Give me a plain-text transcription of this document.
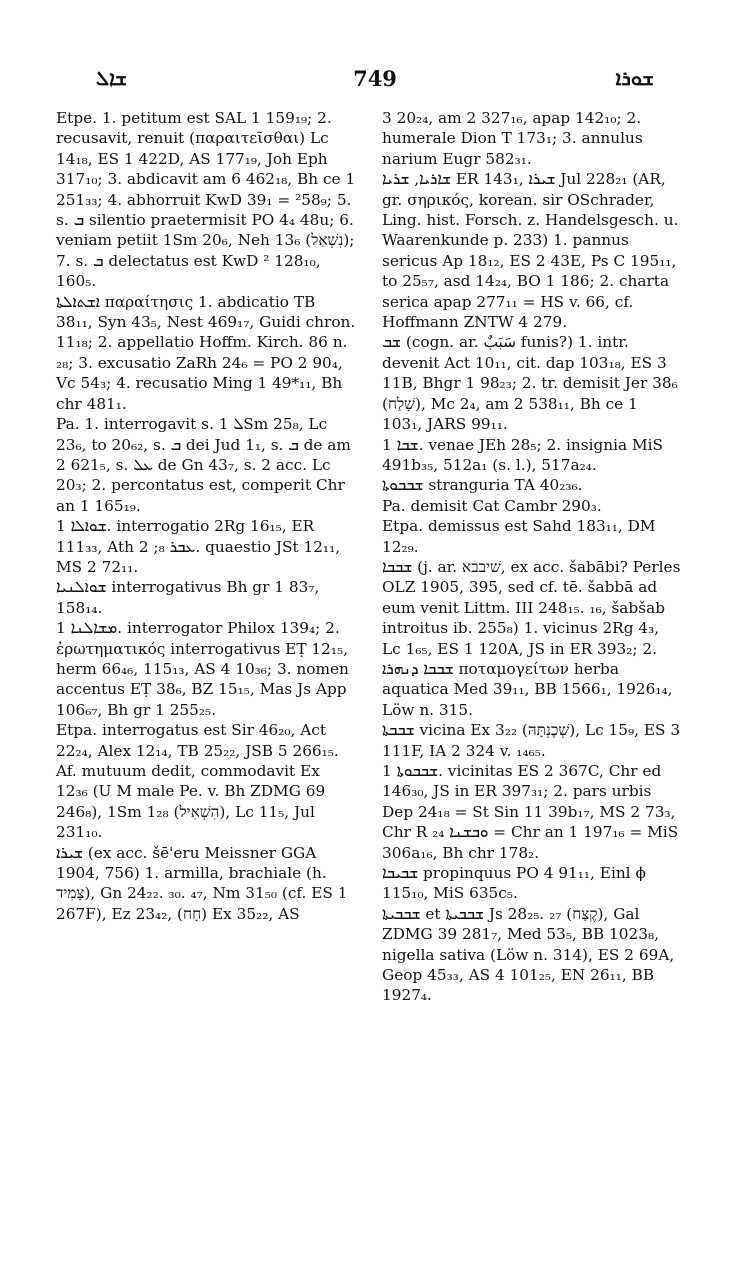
ܫܐܠ	749	ܫܘܪܐ

Etpe. 1. petitum est SAL 1 159₁₉; 2. recusavit, renuit (παραιτεῖσθαι) Lc 14₁₈, ES 1 422D, AS 177₁₉, Joh Eph 317₁₀; 3. abdicavit am 6 462₁₈, Bh ce 1 251₃₃; 4. abhorruit KwD 39₁ = ²58₉; 5. s. ܒ silentio praetermisit PO 4₄ 48u; 6. veniam petiit 1Sm 20₆, Neh 13₆ (נִשְׁאַל); 7. s. ܒ delectatus est KwD ² 128₁₀, 160₅.

ܐܫܬܐܠܬܐ παραίτησις 1. abdicatio TB 38₁₁, Syn 43₅, Nest 469₁₇, Guidi chron. 11₁₈; 2. appellatio Hoffm. Kirch. 86 n. ₂₈; 3. excusatio ZaRh 24₆ = PO 2 90₄, Vc 54₃; 4. recusatio Ming 1 49*₁₁, Bh chr 481₁.

Pa. 1. interrogavit s. ܠ 1Sm 25₈, Lc 23₆, to 20₆₂, s. ܒ dei Jud 1₁, s. ܒ de am 2 621₅, s. ܥܠ de Gn 43₇, s. 2 acc. Lc 20₃; 2. percontatus est, comperit Chr an 1 165₁₉.

ܫܘܐܠܐ 1. interrogatio 2Rg 16₁₅, ER 111₃₃, Ath ܥܒܪ ₈; 2. quaestio JSt 12₁₁, MS 2 72₁₁.

ܫܘܐܠܢܝܐ interrogativus Bh gr 1 83₇, 158₁₄.

ܡܫܐܠܢܐ 1. interrogator Philox 139₄; 2. ἐρωτηματικός interrogativus EṬ 12₁₅, herm 66₄₆, 115₁₃, AS 4 10₃₆; 3. nomen accentus EṬ 38₆, BZ 15₁₅, Mas Js App 106₆₇, Bh gr 1 255₂₅.

Etpa. interrogatus est Sir 46₂₀, Act 22₂₄, Alex 12₁₄, TB 25₂₂, JSB 5 266₁₅.

Af. mutuum dedit, commodavit Ex 12₃₆ (U M male Pe. v. Bh ZDMG 69 246₈), 1Sm 1₂₈ (הִשְׁאִיל), Lc 11₅, Jul 231₁₀.

ܫܝܪܐ (ex acc. šēꞌeru Meissner GGA 1904, 756) 1. armilla, brachiale (h. צָמִיד), Gn 24₂₂. ₃₀. ₄₇, Nm 31₅₀ (cf. ES 1 267F), Ez 23₄₂, (חָח) Ex 35₂₂, AS

3 20₂₄, am 2 327₁₆, apap 142₁₀; 2. humerale Dion T 173₁; 3. annulus narium Eugr 582₃₁.

ܫܐܪܝܐ, ܫܪܝܐ ER 143₁, ܫܝܪܐ Jul 228₂₁ (AR, gr. σηρικός, korean. sir OSchrader, Ling. hist. Forsch. z. Handelsgesch. u. Waarenkunde p. 233) 1. pannus sericus Ap 18₁₂, ES 2 43E, Ps C 195₁₁, to 25₅₇, asd 14₂₄, BO 1 186; 2. charta serica apap 277₁₁ = HS v. 66, cf. Hoffmann ZNTW 4 279.

ܫܒ (cogn. ar. سَبَبٌ funis?) 1. intr. devenit Act 10₁₁, cit. dap 103₁₈, ES 3 11B, Bhgr 1 98₂₃; 2. tr. demisit Jer 38₆ (שָׁלַח), Mc 2₄, am 2 538₁₁, Bh ce 1 103₁, JARS 99₁₁.

ܫܒܐ 1. venae JEh 28₅; 2. insignia MiS 491b₃₅, 512a₁ (s. l.), 517a₂₄.

ܫܒܒܘܬܐ stranguria TA 40₂₃₆.

Pa. demisit Cat Cambr 290₃.

Etpa. demissus est Sahd 183₁₁, DM 12₂₉.

ܫܒܒܐ (j. ar. שׁיבבא, ex acc. šabābi? Perles OLZ 1905, 395, sed cf. tē. šabbā ad eum venit Littm. III 248₁₅. ₁₆, šabšab introitus ib. 255₈) 1. vicinus 2Rg 4₃, Lc 1₆₅, ES 1 120A, JS in ER 393₂; 2. ܫܒܒܐ ܕܢܗܪܐ ποταμογείτων herba aquatica Med 39₁₁, BB 1566₁, 1926₁₄, Löw n. 315.

ܫܒܒܬܐ vicina Ex 3₂₂ (שְׁכֶנְתָּהּ), Lc 15₉, ES 3 111F, IA 2 324 v. ₁₄₆₅.

ܫܒܒܘܬܐ 1. vicinitas ES 2 367C, Chr ed 146₃₀, JS in ER 397₃₁; 2. pars urbis Dep 24₁₈ = St Sin 11 39b₁₇, MS 2 73₃, Chr R ܘܒܫܢܐ ₂₄ = Chr an 1 197₁₆ = MiS 306a₁₆, Bh chr 178₂.

ܫܒܝܒܐ propinquus PO 4 91₁₁, Einl ϕ 115₁₀, MiS 635c₅.

ܫܒܒܝܬܐ et ܫܒܒܝܬܐ Js 28₂₅. ₂₇ (קֶצַח), Gal ZDMG 39 281₇, Med 53₅, BB 1023₈, nigella sativa (Löw n. 314), ES 2 69A, Geop 45₃₃, AS 4 101₂₅, EN 26₁₁, BB 1927₄.
